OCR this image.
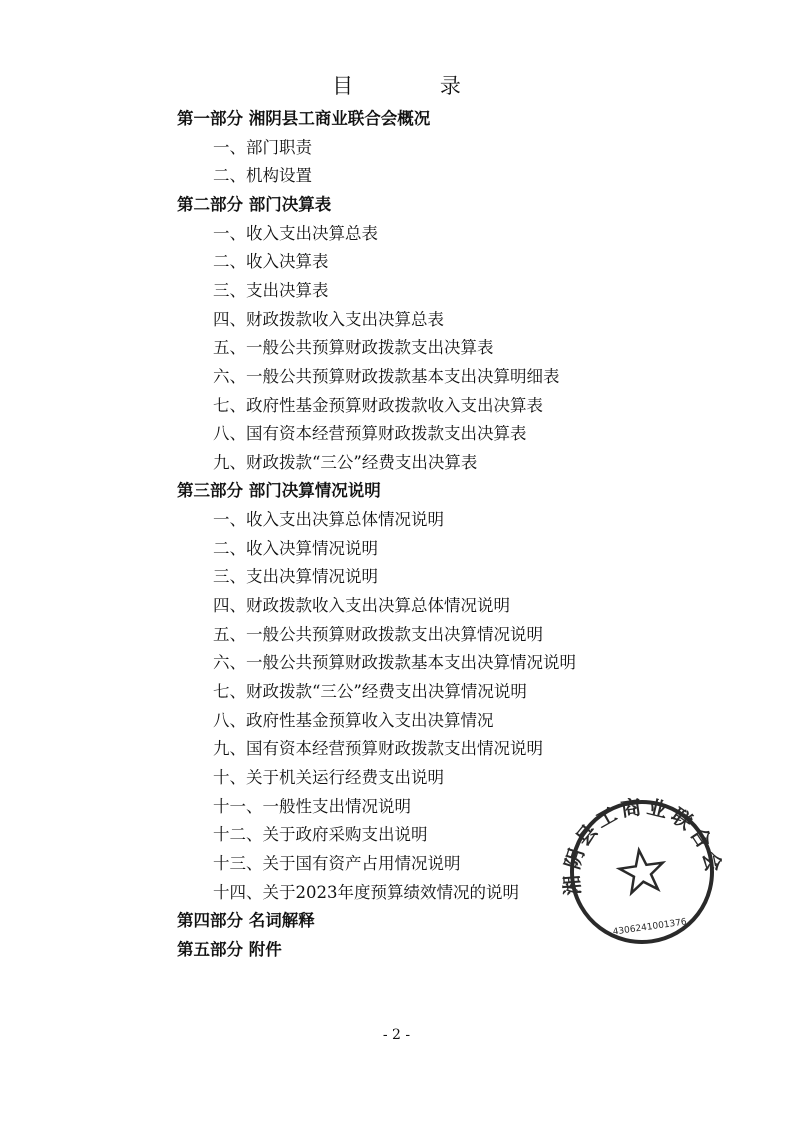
目 录
第一部分 湘阴县工商业联合会概况
一、部门职责
二、机构设置
第二部分 部门决算表
一、收入支出决算总表
二、收入决算表
三、支出决算表
四、财政拨款收入支出决算总表
五、一般公共预算财政拨款支出决算表
六、一般公共预算财政拨款基本支出决算明细表
七、政府性基金预算财政拨款收入支出决算表
八、国有资本经营预算财政拨款支出决算表
九、财政拨款“三公”经费支出决算表
第三部分 部门决算情况说明
一、收入支出决算总体情况说明
二、收入决算情况说明
三、支出决算情况说明
四、财政拨款收入支出决算总体情况说明
五、一般公共预算财政拨款支出决算情况说明
六、一般公共预算财政拨款基本支出决算情况说明
七、财政拨款“三公”经费支出决算情况说明
八、政府性基金预算收入支出决算情况
九、国有资本经营预算财政拨款支出情况说明
十、关于机关运行经费支出说明
十一、一般性支出情况说明
十二、关于政府采购支出说明
十三、关于国有资产占用情况说明
十四、关于2023年度预算绩效情况的说明
第四部分 名词解释
第五部分 附件
湘阴县工商业联合会
4306241001376
- 2 -
